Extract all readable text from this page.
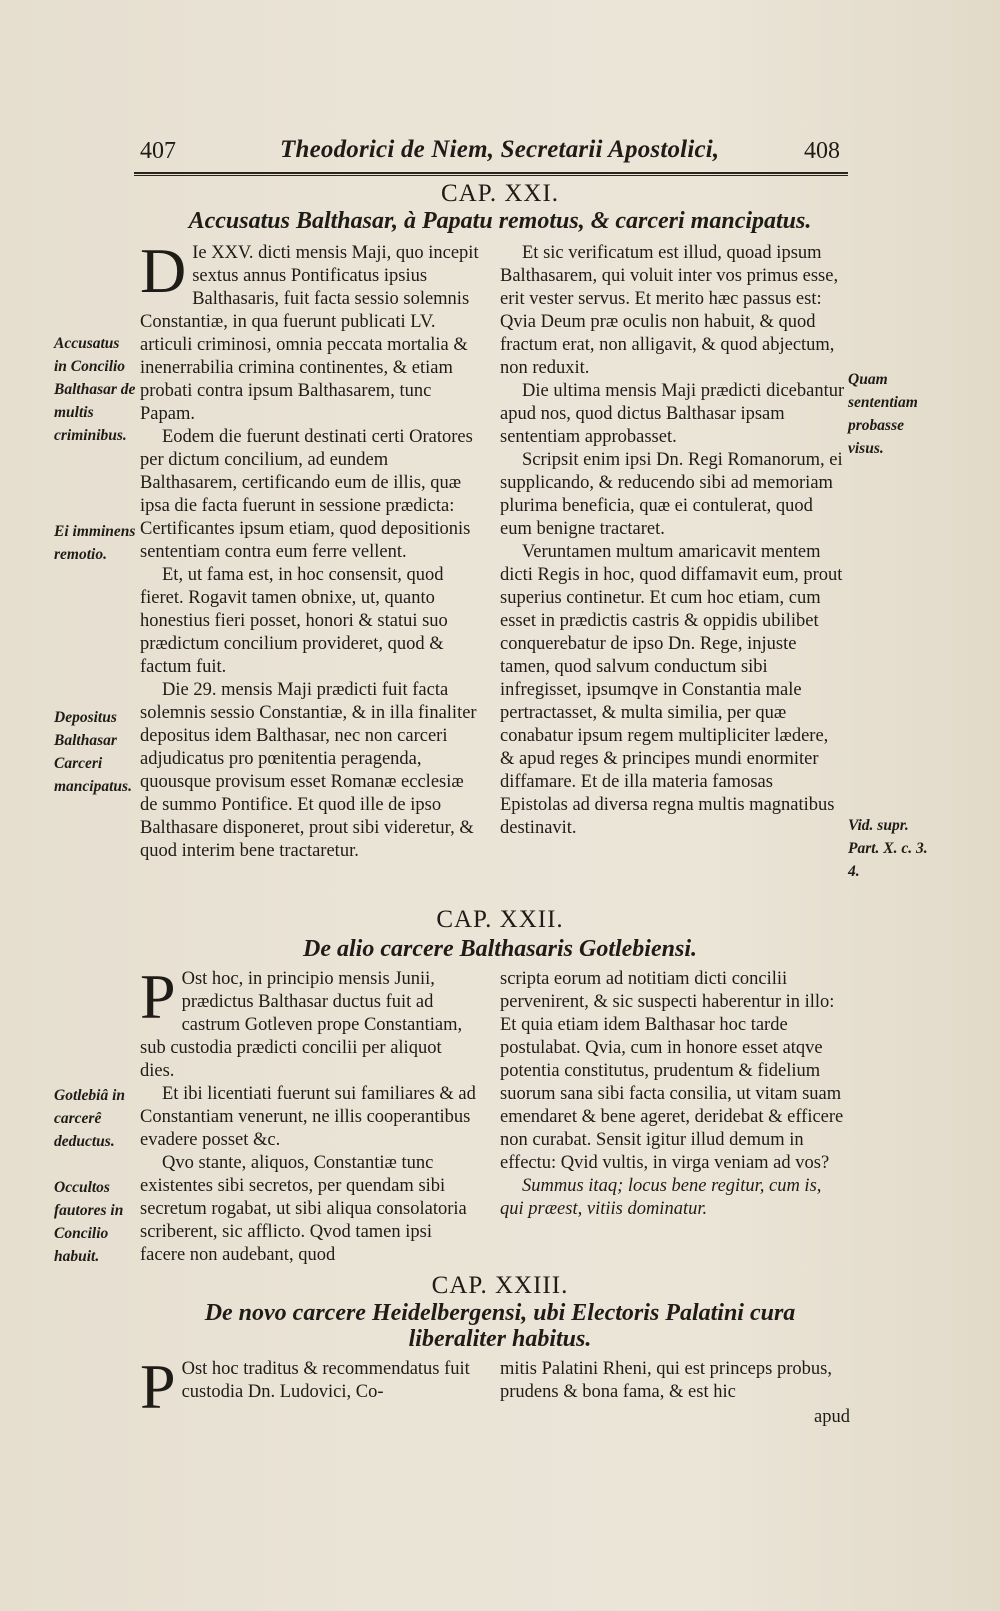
407	Theodorici de Niem, Secretarii Apostolici,	408
CAP. XXI.
Accusatus Balthasar, à Papatu remotus, & carceri mancipatus.

D Ie XXV. dicti mensis Maji, quo incepit sextus annus Pontificatus ipsius Balthasaris, fuit facta sessio solemnis Constantiæ, in qua fuerunt publicati LV. articuli criminosi, omnia peccata mortalia & inenerrabilia crimina continentes, & etiam probati contra ipsum Balthasarem, tunc Papam.

Eodem die fuerunt destinati certi Oratores per dictum concilium, ad eundem Balthasarem, certificando eum de illis, quæ ipsa die facta fuerunt in sessione prædicta: Certificantes ipsum etiam, quod depositionis sententiam contra eum ferre vellent.

Et, ut fama est, in hoc consensit, quod fieret. Rogavit tamen obnixe, ut, quanto honestius fieri posset, honori & statui suo prædictum concilium provideret, quod & factum fuit.

Die 29. mensis Maji prædicti fuit facta solemnis sessio Constantiæ, & in illa finaliter depositus idem Balthasar, nec non carceri adjudicatus pro pœnitentia peragenda, quousque provisum esset Romanæ ecclesiæ de summo Pontifice. Et quod ille de ipso Balthasare disponeret, prout sibi videretur, & quod interim bene tractaretur.

Et sic verificatum est illud, quoad ipsum Balthasarem, qui voluit inter vos primus esse, erit vester servus. Et merito hæc passus est: Qvia Deum præ oculis non habuit, & quod fractum erat, non alligavit, & quod abjectum, non reduxit.

Die ultima mensis Maji prædicti dicebantur apud nos, quod dictus Balthasar ipsam sententiam approbasset.

Scripsit enim ipsi Dn. Regi Romanorum, ei supplicando, & reducendo sibi ad memoriam plurima beneficia, quæ ei contulerat, quod eum benigne tractaret.

Veruntamen multum amaricavit mentem dicti Regis in hoc, quod diffamavit eum, prout superius continetur. Et cum hoc etiam, cum esset in prædictis castris & oppidis ubilibet conquerebatur de ipso Dn. Rege, injuste tamen, quod salvum conductum sibi infregisset, ipsumqve in Constantia male pertractasset, & multa similia, per quæ conabatur ipsum regem multipliciter lædere, & apud reges & principes mundi enormiter diffamare. Et de illa materia famosas Epistolas ad diversa regna multis magnatibus destinavit.

Accusatus in Concilio Balthasar de multis criminibus.
Ei imminens remotio.
Depositus Balthasar Carceri mancipatus.
Quam sententiam probasse visus.
Vid. supr. Part. X. c. 3. 4.
CAP. XXII.
De alio carcere Balthasaris Gotlebiensi.

P Ost hoc, in principio mensis Junii, prædictus Balthasar ductus fuit ad castrum Gotleven prope Constantiam, sub custodia prædicti concilii per aliquot dies.

Et ibi licentiati fuerunt sui familiares & ad Constantiam venerunt, ne illis cooperantibus evadere posset &c.

Qvo stante, aliquos, Constantiæ tunc existentes sibi secretos, per quendam sibi secretum rogabat, ut sibi aliqua consolatoria scriberent, sic afflicto. Qvod tamen ipsi facere non audebant, quod

scripta eorum ad notitiam dicti concilii pervenirent, & sic suspecti haberentur in illo: Et quia etiam idem Balthasar hoc tarde postulabat. Qvia, cum in honore esset atqve potentia constitutus, prudentum & fidelium suorum sana sibi facta consilia, ut vitam suam emendaret & bene ageret, deridebat & efficere non curabat. Sensit igitur illud demum in effectu: Qvid vultis, in virga veniam ad vos?

Summus itaq; locus bene regitur, cum is, qui præest, vitiis dominatur.

Gotlebiâ in carcerê deductus.
Occultos fautores in Concilio habuit.
CAP. XXIII.
De novo carcere Heidelbergensi, ubi Electoris Palatini cura
liberaliter habitus.

P Ost hoc traditus & recommendatus fuit custodia Dn. Ludovici, Co-

mitis Palatini Rheni, qui est princeps probus, prudens & bona fama, & est hic

apud
